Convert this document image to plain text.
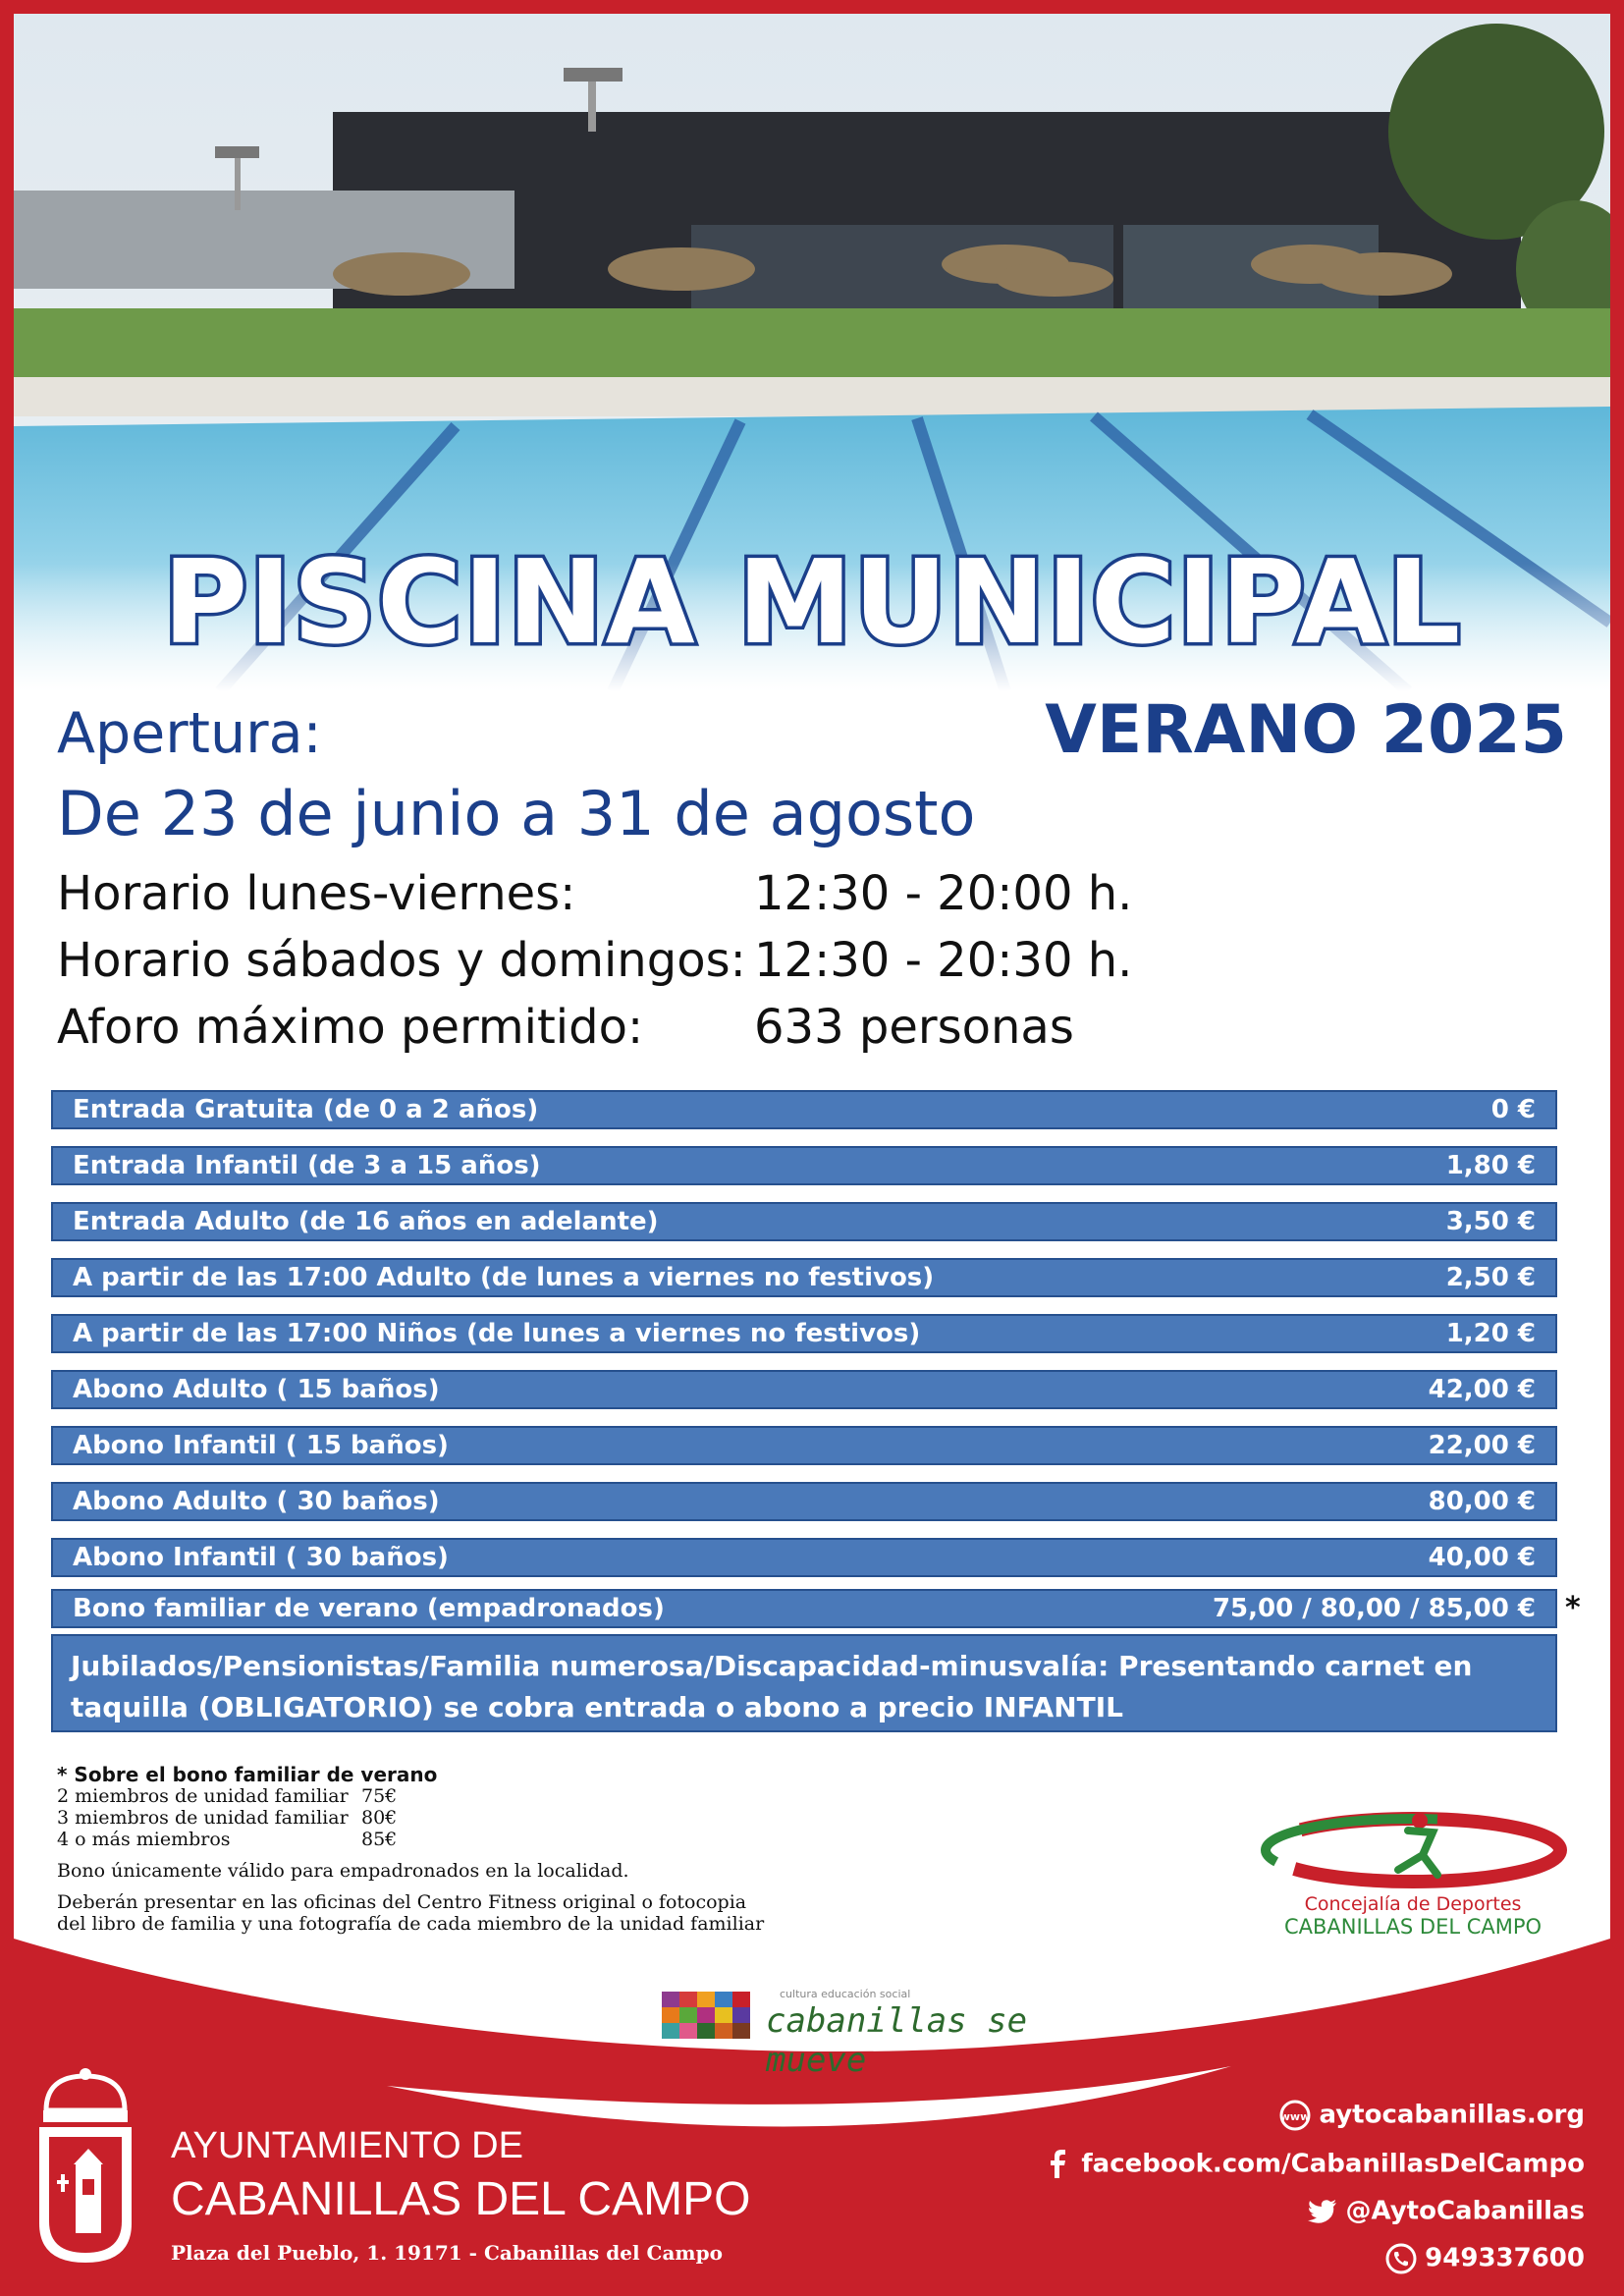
PISCINA MUNICIPAL
VERANO 2025
Apertura:
De 23 de junio a 31 de agosto
Horario lunes-viernes:	12:30 - 20:00 h.
Horario sábados y domingos: 12:30 - 20:30 h.
Aforo máximo permitido: 633 personas
Entrada Gratuita (de 0 a 2 años)	0 €
Entrada Infantil (de 3 a 15 años)	1,80 €
Entrada Adulto (de 16 años en adelante)	3,50 €
A partir de las 17:00 Adulto (de lunes a viernes no festivos)	2,50 €
A partir de las 17:00 Niños (de lunes a viernes no festivos)	1,20 €
Abono Adulto ( 15 baños)	42,00 €
Abono Infantil ( 15 baños)	22,00 €
Abono Adulto ( 30 baños)	80,00 €
Abono Infantil ( 30 baños)	40,00 €
Bono familiar de verano (empadronados)	75,00 / 80,00 / 85,00 € *
Jubilados/Pensionistas/Familia numerosa/Discapacidad-minusvalía: Presentando carnet en taquilla (OBLIGATORIO) se cobra entrada o abono a precio INFANTIL
* Sobre el bono familiar de verano
2 miembros de unidad familiar 75€
3 miembros de unidad familiar 80€
4 o más miembros	85€
Bono únicamente válido para empadronados en la localidad.
Deberán presentar en las oficinas del Centro Fitness original o fotocopia
del libro de familia y una fotografía de cada miembro de la unidad familiar
Concejalía de Deportes
CABANILLAS DEL CAMPO
cultura educación social
cabanillas se mueve
AYUNTAMIENTO DE
CABANILLAS DEL CAMPO
Plaza del Pueblo, 1. 19171 - Cabanillas del Campo
www aytocabanillas.org
facebook.com/CabanillasDelCampo
@AytoCabanillas
949337600
